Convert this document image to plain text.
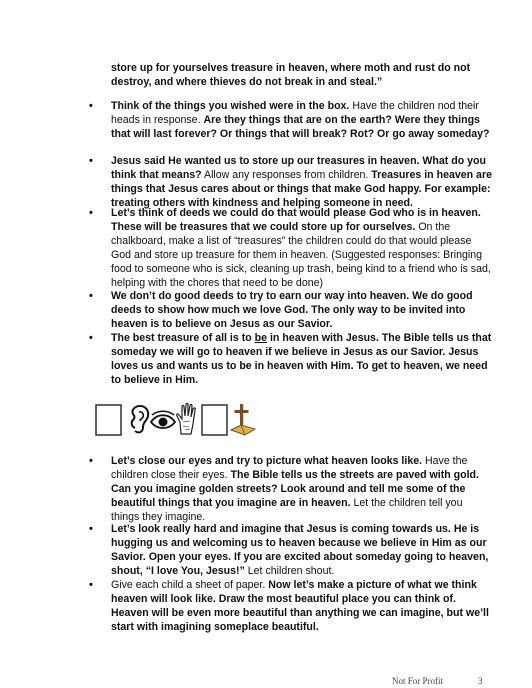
store up for yourselves treasure in heaven, where moth and rust do not destroy, and where thieves do not break in and steal.”

•	Think of the things you wished were in the box. Have the children nod their heads in response. Are they things that are on the earth? Were they things that will last forever? Or things that will break? Rot? Or go away someday?

•	Jesus said He wanted us to store up our treasures in heaven. What do you think that means? Allow any responses from children. Treasures in heaven are things that Jesus cares about or things that make God happy. For example: treating others with kindness and helping someone in need.

•	Let’s think of deeds we could do that would please God who is in heaven. These will be treasures that we could store up for ourselves. On the chalkboard, make a list of “treasures” the children could do that would please God and store up treasure for them in heaven. (Suggested responses: Bringing food to someone who is sick, cleaning up trash, being kind to a friend who is sad, helping with the chores that need to be done)

•	We don’t do good deeds to try to earn our way into heaven. We do good deeds to show how much we love God. The only way to be invited into heaven is to believe on Jesus as our Savior.

•	The best treasure of all is to be in heaven with Jesus. The Bible tells us that someday we will go to heaven if we believe in Jesus as our Savior. Jesus loves us and wants us to be in heaven with Him. To get to heaven, we need to believe in Him.

•	Let’s close our eyes and try to picture what heaven looks like. Have the children close their eyes. The Bible tells us the streets are paved with gold. Can you imagine golden streets? Look around and tell me some of the beautiful things that you imagine are in heaven. Let the children tell you things they imagine.

•	Let’s look really hard and imagine that Jesus is coming towards us. He is hugging us and welcoming us to heaven because we believe in Him as our Savior. Open your eyes. If you are excited about someday going to heaven, shout, “I love You, Jesus!” Let children shout.

•	Give each child a sheet of paper. Now let’s make a picture of what we think heaven will look like. Draw the most beautiful place you can think of. Heaven will be even more beautiful than anything we can imagine, but we’ll start with imagining someplace beautiful.

Not For Profit	3
